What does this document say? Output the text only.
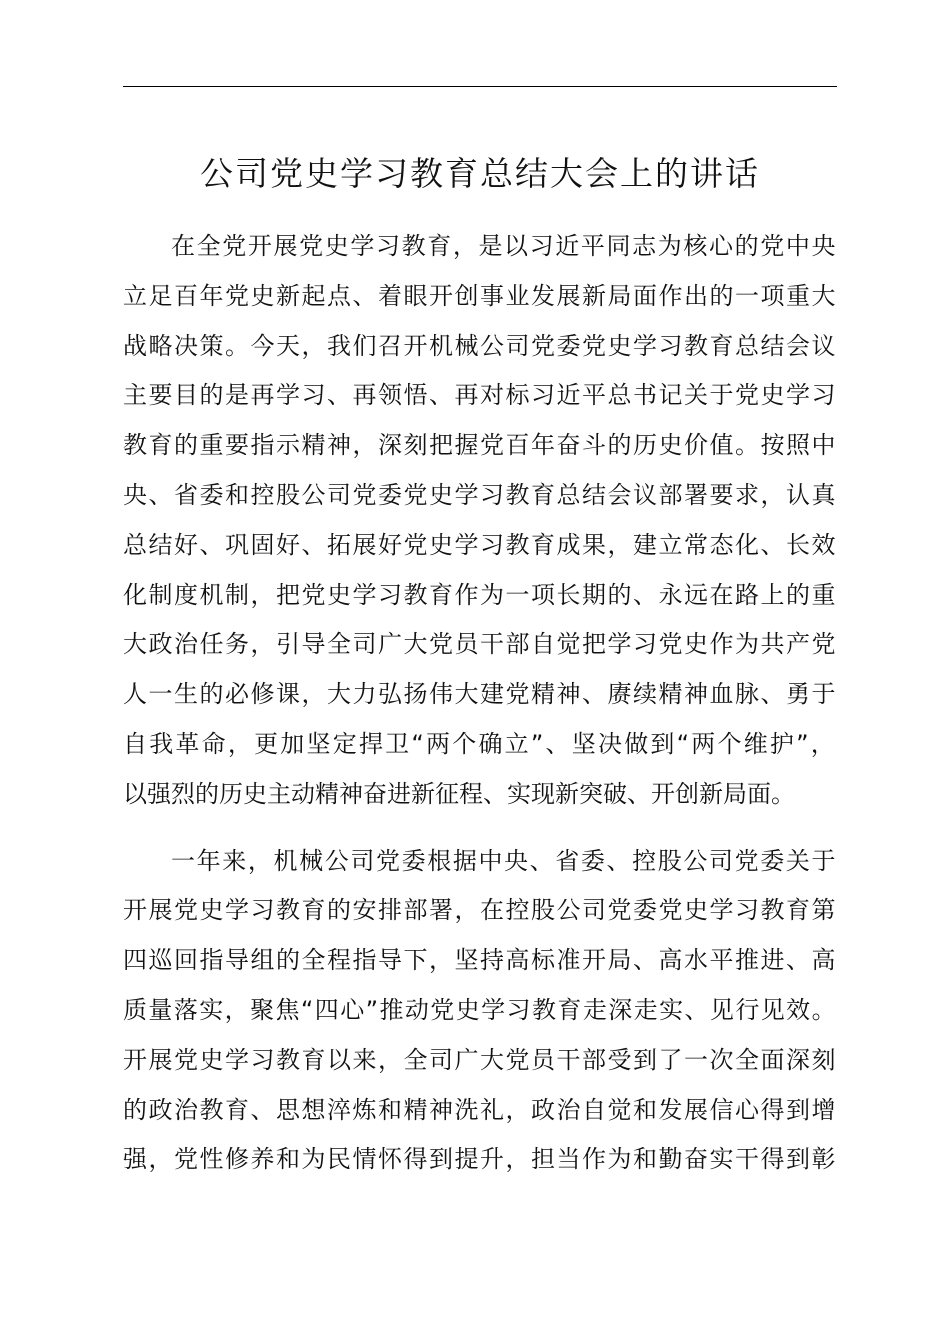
公司党史学习教育总结大会上的讲话

在全党开展党史学习教育，是以习近平同志为核心的党中央
立足百年党史新起点、着眼开创事业发展新局面作出的一项重大
战略决策。今天，我们召开机械公司党委党史学习教育总结会议
主要目的是再学习、再领悟、再对标习近平总书记关于党史学习
教育的重要指示精神，深刻把握党百年奋斗的历史价值。按照中
央、省委和控股公司党委党史学习教育总结会议部署要求，认真
总结好、巩固好、拓展好党史学习教育成果，建立常态化、长效
化制度机制，把党史学习教育作为一项长期的、永远在路上的重
大政治任务，引导全司广大党员干部自觉把学习党史作为共产党
人一生的必修课，大力弘扬伟大建党精神、赓续精神血脉、勇于
自我革命，更加坚定捍卫“两个确立”、坚决做到“两个维护”，
以强烈的历史主动精神奋进新征程、实现新突破、开创新局面。

一年来，机械公司党委根据中央、省委、控股公司党委关于
开展党史学习教育的安排部署，在控股公司党委党史学习教育第
四巡回指导组的全程指导下，坚持高标准开局、高水平推进、高
质量落实，聚焦“四心”推动党史学习教育走深走实、见行见效。
开展党史学习教育以来，全司广大党员干部受到了一次全面深刻
的政治教育、思想淬炼和精神洗礼，政治自觉和发展信心得到增
强，党性修养和为民情怀得到提升，担当作为和勤奋实干得到彰
